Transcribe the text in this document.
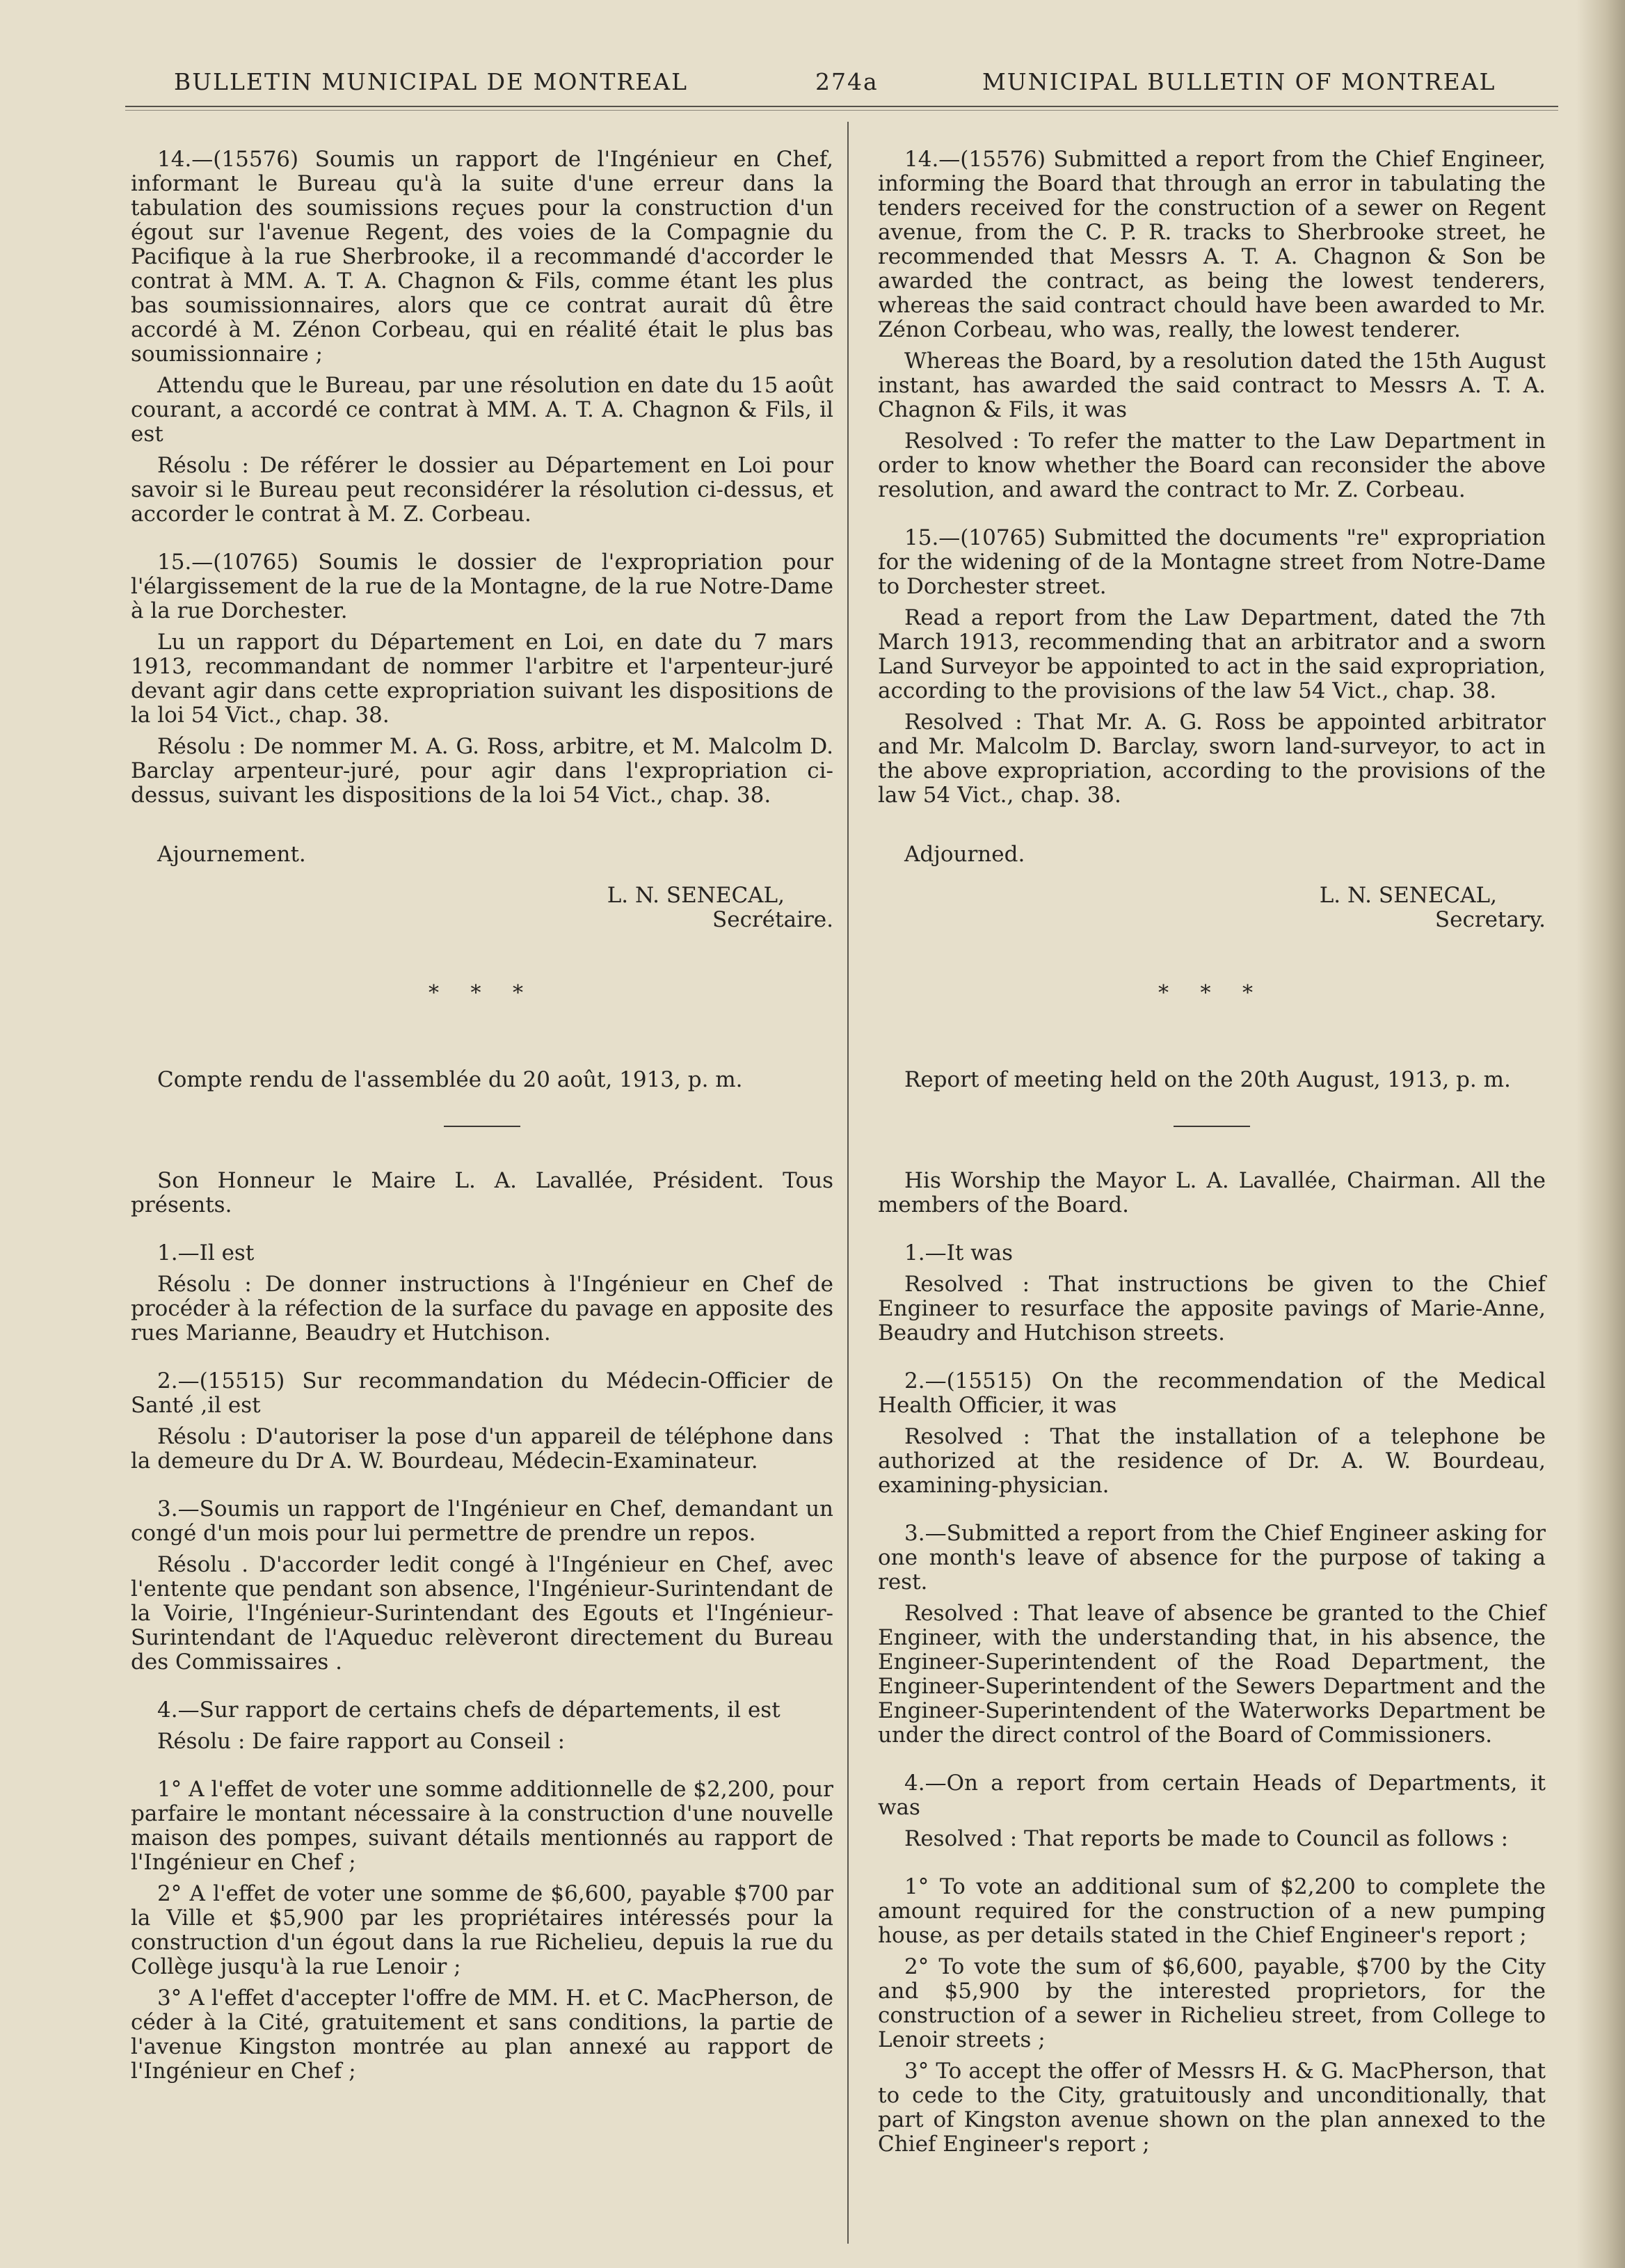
BULLETIN MUNICIPAL DE MONTREAL	274a	MUNICIPAL BULLETIN OF MONTREAL

14.—(15576) Soumis un rapport de l'Ingénieur en Chef, informant le Bureau qu'à la suite d'une erreur dans la tabulation des soumissions reçues pour la construction d'un égout sur l'avenue Regent, des voies de la Compagnie du Pacifique à la rue Sherbrooke, il a recommandé d'accorder le contrat à MM. A. T. A. Chagnon & Fils, comme étant les plus bas soumissionnaires, alors que ce contrat aurait dû être accordé à M. Zénon Corbeau, qui en réalité était le plus bas soumissionnaire ;

Attendu que le Bureau, par une résolution en date du 15 août courant, a accordé ce contrat à MM. A. T. A. Chagnon & Fils, il est

Résolu : De référer le dossier au Département en Loi pour savoir si le Bureau peut reconsidérer la résolution ci-dessus, et accorder le contrat à M. Z. Corbeau.

15.—(10765) Soumis le dossier de l'expropriation pour l'élargissement de la rue de la Montagne, de la rue Notre-Dame à la rue Dorchester.

Lu un rapport du Département en Loi, en date du 7 mars 1913, recommandant de nommer l'arbitre et l'arpenteur-juré devant agir dans cette expropriation suivant les dispositions de la loi 54 Vict., chap. 38.

Résolu : De nommer M. A. G. Ross, arbitre, et M. Malcolm D. Barclay arpenteur-juré, pour agir dans l'expropriation ci-dessus, suivant les dispositions de la loi 54 Vict., chap. 38.

Ajournement.

L. N. SENECAL,
Secrétaire.
* * *

Compte rendu de l'assemblée du 20 août, 1913, p. m.

Son Honneur le Maire L. A. Lavallée, Président. Tous présents.

1.—Il est

Résolu : De donner instructions à l'Ingénieur en Chef de procéder à la réfection de la surface du pavage en apposite des rues Marianne, Beaudry et Hutchison.

2.—(15515) Sur recommandation du Médecin-Officier de Santé ,il est

Résolu : D'autoriser la pose d'un appareil de téléphone dans la demeure du Dr A. W. Bourdeau, Médecin-Examinateur.

3.—Soumis un rapport de l'Ingénieur en Chef, demandant un congé d'un mois pour lui permettre de prendre un repos.

Résolu . D'accorder ledit congé à l'Ingénieur en Chef, avec l'entente que pendant son absence, l'Ingénieur-Surintendant de la Voirie, l'Ingénieur-Surintendant des Egouts et l'Ingénieur-Surintendant de l'Aqueduc relèveront directement du Bureau des Commissaires .

4.—Sur rapport de certains chefs de départements, il est

Résolu : De faire rapport au Conseil :

1° A l'effet de voter une somme additionnelle de $2,200, pour parfaire le montant nécessaire à la construction d'une nouvelle maison des pompes, suivant détails mentionnés au rapport de l'Ingénieur en Chef ;

2° A l'effet de voter une somme de $6,600, payable $700 par la Ville et $5,900 par les propriétaires intéressés pour la construction d'un égout dans la rue Richelieu, depuis la rue du Collège jusqu'à la rue Lenoir ;

3° A l'effet d'accepter l'offre de MM. H. et C. MacPherson, de céder à la Cité, gratuitement et sans conditions, la partie de l'avenue Kingston montrée au plan annexé au rapport de l'Ingénieur en Chef ;

14.—(15576) Submitted a report from the Chief Engineer, informing the Board that through an error in tabulating the tenders received for the construction of a sewer on Regent avenue, from the C. P. R. tracks to Sherbrooke street, he recommended that Messrs A. T. A. Chagnon & Son be awarded the contract, as being the lowest tenderers, whereas the said contract chould have been awarded to Mr. Zénon Corbeau, who was, really, the lowest tenderer.

Whereas the Board, by a resolution dated the 15th August instant, has awarded the said contract to Messrs A. T. A. Chagnon & Fils, it was

Resolved : To refer the matter to the Law Department in order to know whether the Board can reconsider the above resolution, and award the contract to Mr. Z. Corbeau.

15.—(10765) Submitted the documents "re" expropriation for the widening of de la Montagne street from Notre-Dame to Dorchester street.

Read a report from the Law Department, dated the 7th March 1913, recommending that an arbitrator and a sworn Land Surveyor be appointed to act in the said expropriation, according to the provisions of the law 54 Vict., chap. 38.

Resolved : That Mr. A. G. Ross be appointed arbitrator and Mr. Malcolm D. Barclay, sworn land-surveyor, to act in the above expropriation, according to the provisions of the law 54 Vict., chap. 38.

Adjourned.

L. N. SENECAL,
Secretary.
* * *

Report of meeting held on the 20th August, 1913, p. m.

His Worship the Mayor L. A. Lavallée, Chairman. All the members of the Board.

1.—It was

Resolved : That instructions be given to the Chief Engineer to resurface the apposite pavings of Marie-Anne, Beaudry and Hutchison streets.

2.—(15515) On the recommendation of the Medical Health Officier, it was

Resolved : That the installation of a telephone be authorized at the residence of Dr. A. W. Bourdeau, examining-physician.

3.—Submitted a report from the Chief Engineer asking for one month's leave of absence for the purpose of taking a rest.

Resolved : That leave of absence be granted to the Chief Engineer, with the understanding that, in his absence, the Engineer-Superintendent of the Road Department, the Engineer-Superintendent of the Sewers Department and the Engineer-Superintendent of the Waterworks Department be under the direct control of the Board of Commissioners.

4.—On a report from certain Heads of Departments, it was

Resolved : That reports be made to Council as follows :

1° To vote an additional sum of $2,200 to complete the amount required for the construction of a new pumping house, as per details stated in the Chief Engineer's report ;

2° To vote the sum of $6,600, payable, $700 by the City and $5,900 by the interested proprietors, for the construction of a sewer in Richelieu street, from College to Lenoir streets ;

3° To accept the offer of Messrs H. & G. MacPherson, that to cede to the City, gratuitously and unconditionally, that part of Kingston avenue shown on the plan annexed to the Chief Engineer's report ;
